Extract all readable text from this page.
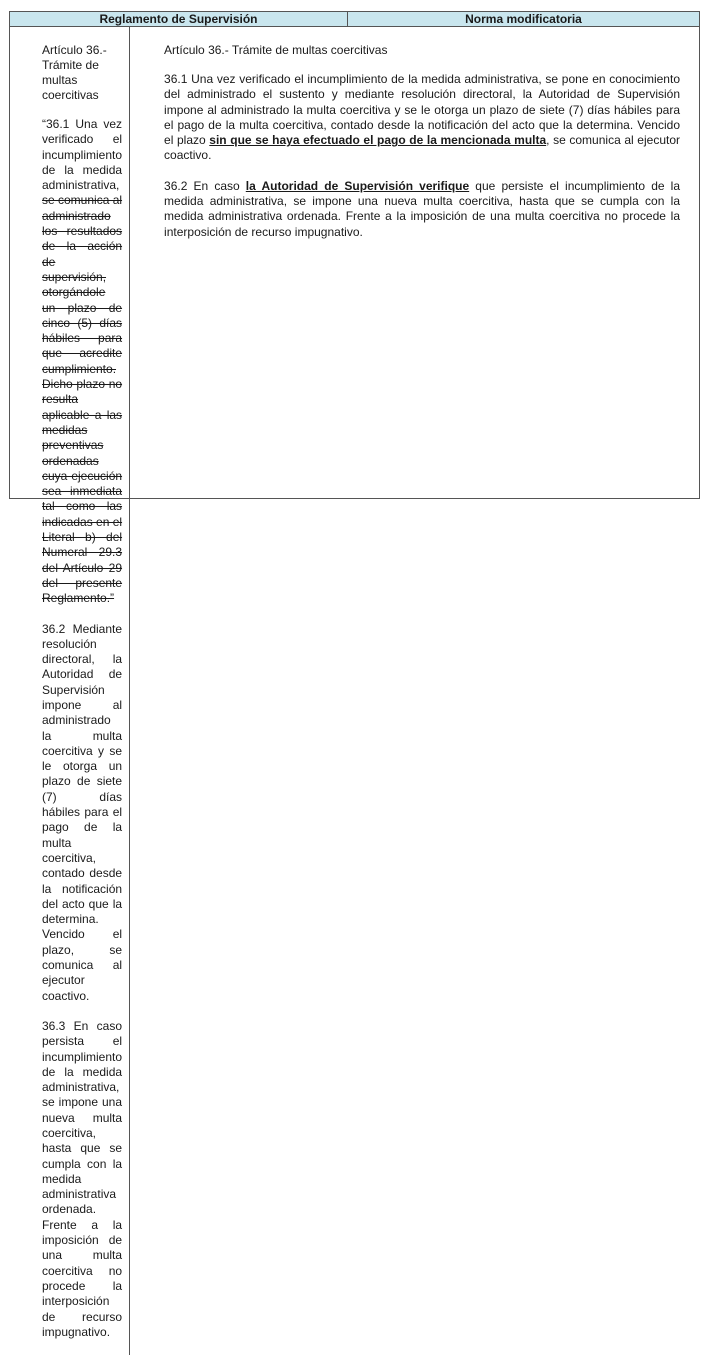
Reglamento de Supervisión	Norma modificatoria
Artículo 36.- Trámite de multas coercitivas

“36.1 Una vez verificado el incumplimiento de la medida administrativa, se comunica al administrado los resultados de la acción de supervisión, otorgándole un plazo de cinco (5) días hábiles para que acredite cumplimiento. Dicho plazo no resulta aplicable a las medidas preventivas ordenadas cuya ejecución sea inmediata tal como las indicadas en el Literal b) del Numeral 29.3 del Artículo 29 del presente Reglamento.”

36.2 Mediante resolución directoral, la Autoridad de Supervisión impone al administrado la multa coercitiva y se le otorga un plazo de siete (7) días hábiles para el pago de la multa coercitiva, contado desde la notificación del acto que la determina. Vencido el plazo, se comunica al ejecutor coactivo.

36.3 En caso persista el incumplimiento de la medida administrativa, se impone una nueva multa coercitiva, hasta que se cumpla con la medida administrativa ordenada. Frente a la imposición de una multa coercitiva no procede la interposición de recurso impugnativo.

Artículo 36.- Trámite de multas coercitivas

36.1 Una vez verificado el incumplimiento de la medida administrativa, se pone en conocimiento del administrado el sustento y mediante resolución directoral, la Autoridad de Supervisión impone al administrado la multa coercitiva y se le otorga un plazo de siete (7) días hábiles para el pago de la multa coercitiva, contado desde la notificación del acto que la determina. Vencido el plazo sin que se haya efectuado el pago de la mencionada multa, se comunica al ejecutor coactivo.

36.2 En caso la Autoridad de Supervisión verifique que persiste el incumplimiento de la medida administrativa, se impone una nueva multa coercitiva, hasta que se cumpla con la medida administrativa ordenada. Frente a la imposición de una multa coercitiva no procede la interposición de recurso impugnativo.
